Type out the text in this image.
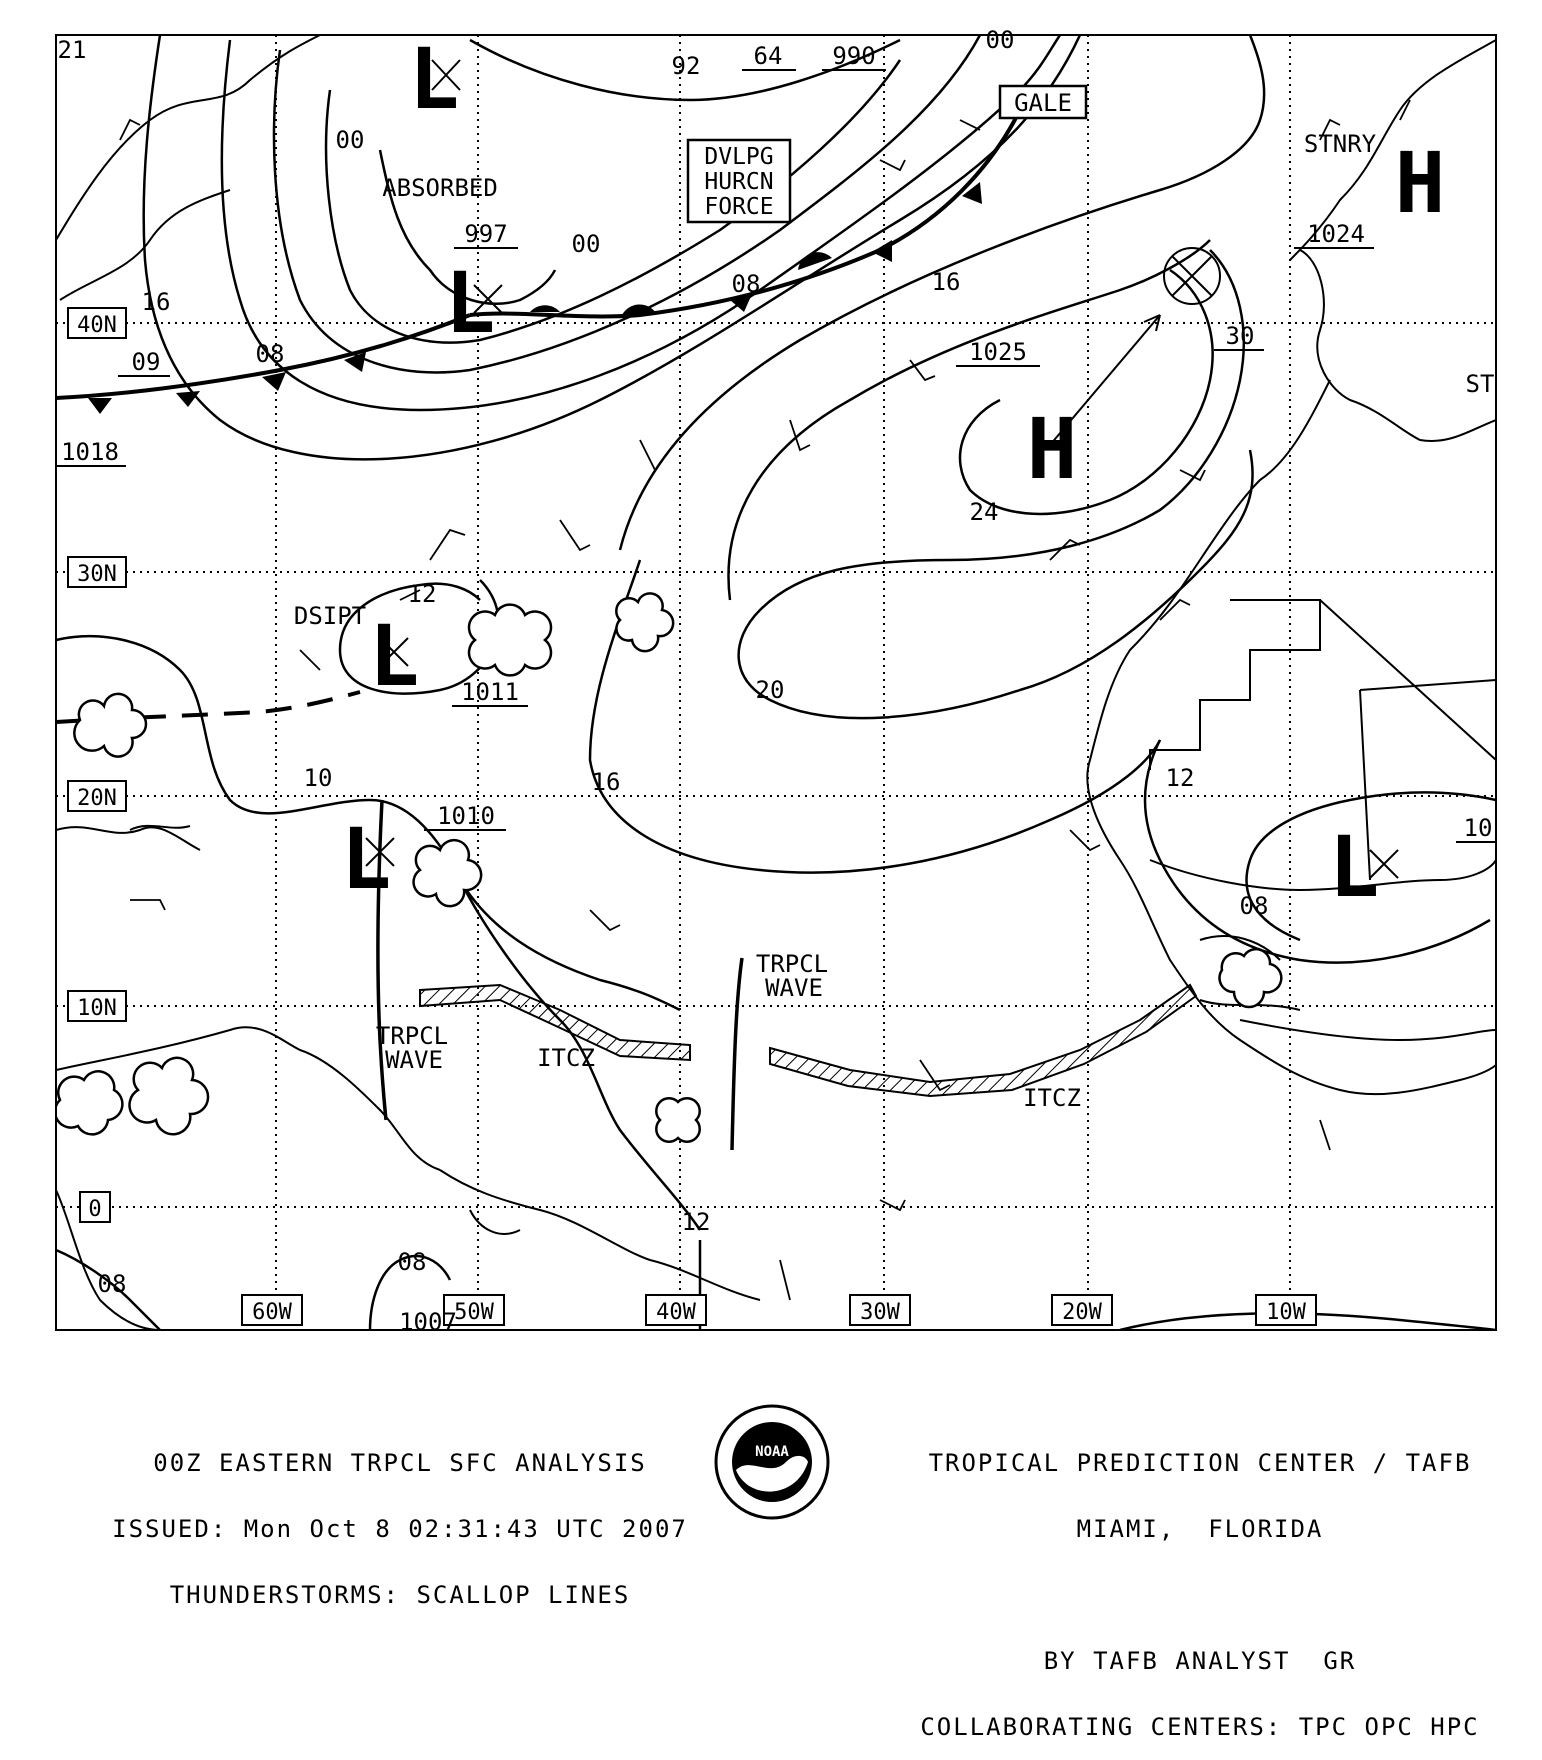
40N
30N
20N
10N
0
60W	50W	40W	30W	20W	10W
L
L
L
L	L
H
H
997
1011
1010
1025
1024
92 64 990
00
00
16
09	08
1018
00
08	16
30
24
12
20
16
10	12
10
08
12
08
08
1007
21
ST
ABSORBED
GALE
DVLPG
HURCN
FORCE
DSIPT
STNRY
TRPCL
WAVE
TRPCL
WAVE
ITCZ
ITCZ
NOAA

00Z EASTERN TRPCL SFC ANALYSIS

ISSUED: Mon Oct 8 02:31:43 UTC 2007

THUNDERSTORMS: SCALLOP LINES

TROPICAL PREDICTION CENTER / TAFB

MIAMI,  FLORIDA

BY TAFB ANALYST  GR

COLLABORATING CENTERS: TPC OPC HPC
